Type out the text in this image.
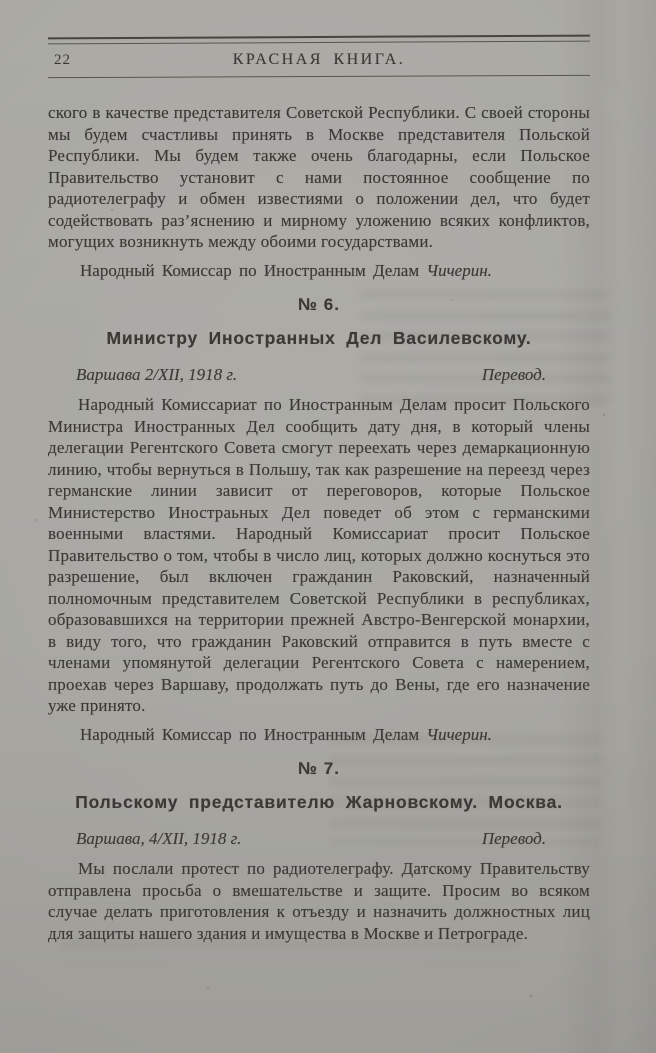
22	КРАСНАЯ КНИГА.

ского в качестве представителя Советской Республики. С своей стороны мы будем счастливы принять в Москве представителя Польской Республики. Мы будем также очень благодарны, если Польское Правительство установит с нами постоянное сообщение по радиотелеграфу и обмен известиями о положении дел, что будет содействовать раз’яснению и мирному уложению всяких конфликтов, могущих возникнуть между обоими государствами.

Народный Комиссар по Иностранным Делам Чичерин.
№ 6.
Министру Иностранных Дел Василевскому.
Варшава 2/XII, 1918 г.	Перевод.

Народный Комиссариат по Иностранным Делам просит Польского Министра Иностранных Дел сообщить дату дня, в который члены делегации Регентского Совета смогут переехать через демаркационную линию, чтобы вернуться в Польшу, так как разрешение на переезд через германские линии зависит от переговоров, которые Польское Министерство Иностраьных Дел поведет об этом с германскими военными властями. Народный Комиссариат просит Польское Правительство о том, чтобы в число лиц, которых должно коснуться это разрешение, был включен гражданин Раковский, назначенный полномочным представителем Советской Республики в республиках, образовавшихся на территории прежней Австро-Венгерской монархии, в виду того, что гражданин Раковский отправится в путь вместе с членами упомянутой делегации Регентского Совета с намерением, проехав через Варшаву, продолжать путь до Вены, где его назначение уже принято.

Народный Комиссар по Иностранным Делам Чичерин.
№ 7.
Польскому представителю Жарновскому. Москва.
Варшава, 4/XII, 1918 г.	Перевод.

Мы послали протест по радиотелеграфу. Датскому Правительству отправлена просьба о вмешательстве и защите. Просим во всяком случае делать приготовления к отъезду и назначить должностных лиц для защиты нашего здания и имущества в Москве и Петрограде.
